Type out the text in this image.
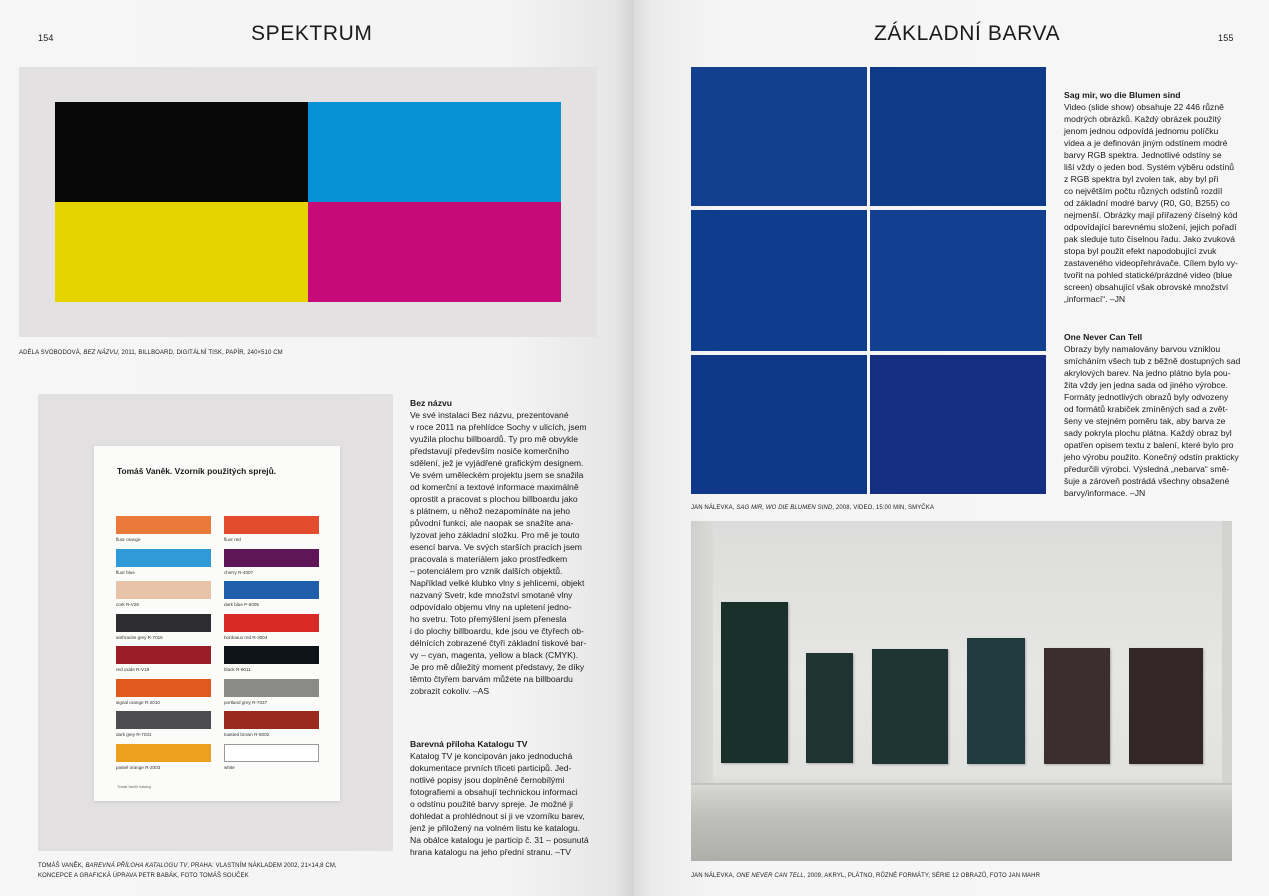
154	SPEKTRUM
ADÉLA SVOBODOVÁ, BEZ NÁZVU, 2011, BILLBOARD, DIGITÁLNÍ TISK, PAPÍR, 240×510 CM
Tomáš Vaněk. Vzorník použitých sprejů.
fluor orange	fluor red
fluor blue	cherry R-4007
cork R-V26	dark blue P-5005
anthracite grey R-7016	bordeaux red R-3004
red oxide R-V18	black R-9011
signal orange R-2010	portland grey R-7037
dark grey R-7031	toasted brown R-8002
pastel orange R-2003	white
Tomáš Vaněk Katalog
TOMÁŠ VANĚK, BAREVNÁ PŘÍLOHA KATALOGU TV, PRAHA: VLASTNÍM NÁKLADEM 2002, 21×14,8 CM,
KONCEPCE A GRAFICKÁ ÚPRAVA PETR BABÁK, FOTO TOMÁŠ SOUČEK
Bez názvu
Ve své instalaci Bez názvu, prezentované
v roce 2011 na přehlídce Sochy v ulicích, jsem
využila plochu billboardů. Ty pro mě obvykle
představují především nosiče komerčního
sdělení, jež je vyjádřené grafickým designem.
Ve svém uměleckém projektu jsem se snažila
od komerční a textové informace maximálně
oprostit a pracovat s plochou billboardu jako
s plátnem, u něhož nezapomínáte na jeho
původní funkci, ale naopak se snažíte ana-
lyzovat jeho základní složku. Pro mě je touto
esencí barva. Ve svých starších pracích jsem
pracovala s materiálem jako prostředkem
– potenciálem pro vznik dalších objektů.
Například velké klubko vlny s jehlicemi, objekt
nazvaný Svetr, kde množství smotané vlny
odpovídalo objemu vlny na upletení jedno-
ho svetru. Toto přemýšlení jsem přenesla
i do plochy billboardu, kde jsou ve čtyřech ob-
délnících zobrazené čtyři základní tiskové bar-
vy – cyan, magenta, yellow a black (CMYK).
Je pro mě důležitý moment představy, že díky
těmto čtyřem barvám můžete na billboardu
zobrazit cokoliv. –AS
Barevná příloha Katalogu TV
Katalog TV je koncipován jako jednoduchá
dokumentace prvních třiceti participů. Jed-
notlivé popisy jsou doplněné černobílými
fotografiemi a obsahují technickou informaci
o odstínu použité barvy spreje. Je možné ji
dohledat a prohlédnout si ji ve vzorníku barev,
jenž je přiložený na volném listu ke katalogu.
Na obálce katalogu je particip č. 31 – posunutá
hrana katalogu na jeho přední stranu. –TV
ZÁKLADNÍ BARVA	155
JAN NÁLEVKA, SAG MIR, WO DIE BLUMEN SIND, 2008, VIDEO, 15:00 MIN, SMYČKA
Sag mir, wo die Blumen sind
Video (slide show) obsahuje 22 446 různě
modrých obrázků. Každý obrázek použitý
jenom jednou odpovídá jednomu políčku
videa a je definován jiným odstínem modré
barvy RGB spektra. Jednotlivé odstíny se
liší vždy o jeden bod. Systém výběru odstínů
z RGB spektra byl zvolen tak, aby byl při
co největším počtu různých odstínů rozdíl
od základní modré barvy (R0, G0, B255) co
nejmenší. Obrázky mají přiřazený číselný kód
odpovídající barevnému složení, jejich pořadí
pak sleduje tuto číselnou řadu. Jako zvuková
stopa byl použit efekt napodobující zvuk
zastaveného videopřehrávače. Cílem bylo vy-
tvořit na pohled statické/prázdné video (blue
screen) obsahující však obrovské množství
„informací“. –JN
One Never Can Tell
Obrazy byly namalovány barvou vzniklou
smícháním všech tub z běžně dostupných sad
akrylových barev. Na jedno plátno byla pou-
žita vždy jen jedna sada od jiného výrobce.
Formáty jednotlivých obrazů byly odvozeny
od formátů krabiček zmíněných sad a zvět-
šeny ve stejném poměru tak, aby barva ze
sady pokryla plochu plátna. Každý obraz byl
opatřen opisem textu z balení, které bylo pro
jeho výrobu použito. Konečný odstín prakticky
předurčili výrobci. Výsledná „nebarva“ smě-
šuje a zároveň postrádá všechny obsažené
barvy/informace. –JN
JAN NÁLEVKA, ONE NEVER CAN TELL, 2009, AKRYL, PLÁTNO, RŮZNÉ FORMÁTY, SÉRIE 12 OBRAZŮ, FOTO JAN MAHR
